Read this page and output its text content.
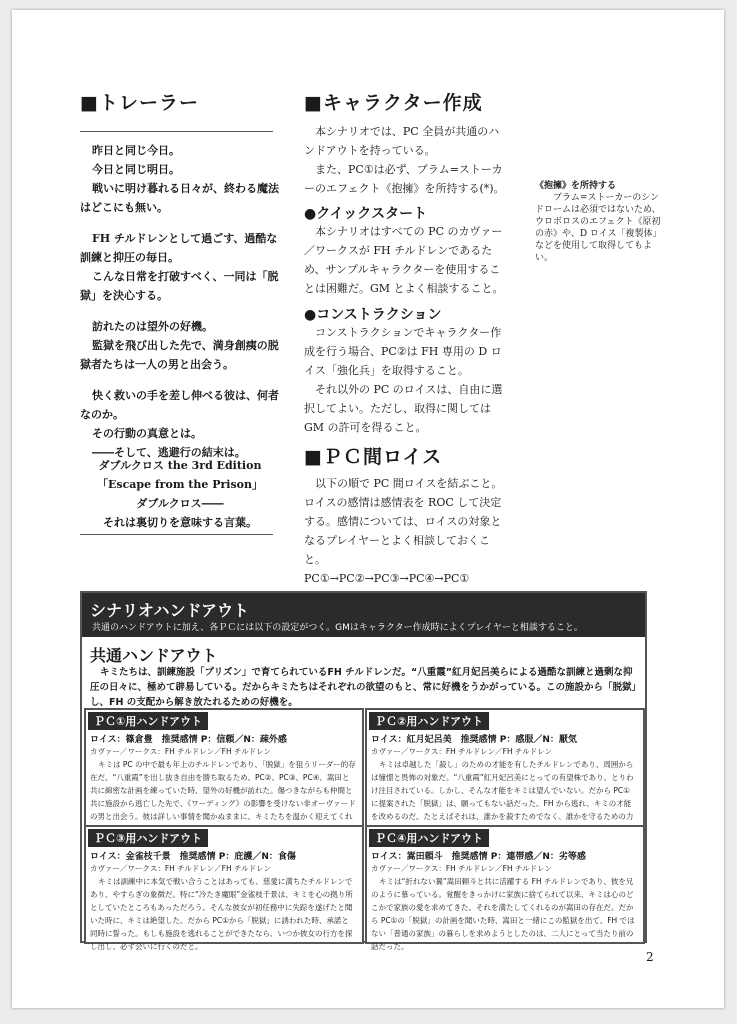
■トレーラー

昨日と同じ今日。

今日と同じ明日。

戦いに明け暮れる日々が、終わる魔法はどこにも無い。

FH チルドレンとして過ごす、過酷な訓練と抑圧の毎日。

こんな日常を打破すべく、一同は「脱獄」を決心する。

訪れたのは望外の好機。

監獄を飛び出した先で、満身創痍の脱獄者たちは一人の男と出会う。

快く救いの手を差し伸べる彼は、何者なのか。

その行動の真意とは。

――そして、逃避行の結末は。

ダブルクロス the 3rd Edition

「Escape from the Prison」

ダブルクロス――

それは裏切りを意味する言葉。

■キャラクター作成

本シナリオでは、PC 全員が共通のハンドアウトを持っている。

また、PC①は必ず、ブラム=ストーカーのエフェクト《抱擁》を所持する(*)。

●クイックスタート

本シナリオはすべての PC のカヴァー／ワークスが FH チルドレンであるため、サンプルキャラクターを使用することは困難だ。GM とよく相談すること。

●コンストラクション

コンストラクションでキャラクター作成を行う場合、PC②は FH 専用の D ロイス「強化兵」を取得すること。

それ以外の PC のロイスは、自由に選択してよい。ただし、取得に関しては GM の許可を得ること。

《抱擁》を所持する
ブラム=ストーカーのシンドロームは必須ではないため、ウロボロスのエフェクト《原初の赤》や、D ロイス「複製体」などを使用して取得してもよい。
■ＰＣ間ロイス

以下の順で PC 間ロイスを結ぶこと。ロイスの感情は感情表を ROC して決定する。感情については、ロイスの対象となるプレイヤーとよく相談しておくこと。

PC①→PC②→PC③→PC④→PC①

シナリオハンドアウト
共通のハンドアウトに加え、各ＰＣには以下の設定がつく。GMはキャラクター作成時によくプレイヤーと相談すること。
共通ハンドアウト
キミたちは、訓練施設「プリズン」で育てられているFH チルドレンだ。“八重霞”紅月妃呂美らによる過酷な訓練と過剰な抑圧の日々に、極めて辟易している。だからキミたちはそれぞれの欲望のもと、常に好機をうかがっている。この施設から「脱獄」し、FH の支配から解き放たれるための好機を。
ＰＣ①用ハンドアウト
ロイス：篠倉豊　推奨感情 P：信頼／N：疎外感
カヴァー／ワークス：FH チルドレン／FH チルドレン
キミは PC の中で最も年上のチルドレンであり、「脱獄」を狙うリーダー的存在だ。“八重霞”を出し抜き自由を勝ち取るため、PC②、PC③、PC④、嵩田と共に綿密な計画を練っていた時、望外の好機が訪れた。傷つきながらも仲間と共に施設から逃亡した先で、《ワーディング》の影響を受けない非オーヴァードの男と出会う。彼は詳しい事情を聞かぬままに、キミたちを温かく迎えてくれ
ＰＣ②用ハンドアウト
ロイス：紅月妃呂美　推奨感情 P：感服／N：厭気
カヴァー／ワークス：FH チルドレン／FH チルドレン
キミは卓越した「殺し」のための才能を有したチルドレンであり、周囲からは憧憬と畏怖の対象だ。“八重霞”紅月妃呂美にとっての有望株であり、とりわけ注目されている。しかし、そんな才能をキミは望んでいない。だから PC①に提案された「脱獄」は、願ってもない話だった。FH から逃れ、キミの才能を改めるのだ。たとえばそれは、誰かを殺すためでなく、誰かを守るための力
ＰＣ③用ハンドアウト
ロイス：金雀枝千景　推奨感情 P：庇護／N：食傷
カヴァー／ワークス：FH チルドレン／FH チルドレン
キミは訓練中に本気で戦い合うことはあっても、慈愛に満ちたチルドレンであり、やすらぎの象徴だ。特に“冷たき魔眼”金雀枝千景は、キミを心の拠り所としていたところもあっただろう。そんな彼女が初任務中に失踪を遂げたと聞いた時に、キミは絶望した。だから PC①から「脱獄」に誘われた時、承諾と同時に誓った。もしも施設を逃れることができたなら、いつか彼女の行方を探し出し、必ず会いに行くのだと。
ＰＣ④用ハンドアウト
ロイス：嵩田頼斗　推奨感情 P：連帯感／N：劣等感
カヴァー／ワークス：FH チルドレン／FH チルドレン
キミは“折れない翼”嵩田頼斗と共に活躍する FH チルドレンであり、彼を兄のように慕っている。覚醒をきっかけに家族に捨てられて以来、キミは心のどこかで家族の愛を求めてきた。それを満たしてくれるのが嵩田の存在だ。だから PC①の「脱獄」の計画を聞いた時、嵩田と一緒にこの監獄を出て、FH ではない「普通の家族」の暮らしを求めようとしたのは、二人にとって当たり前の話だった。
2
